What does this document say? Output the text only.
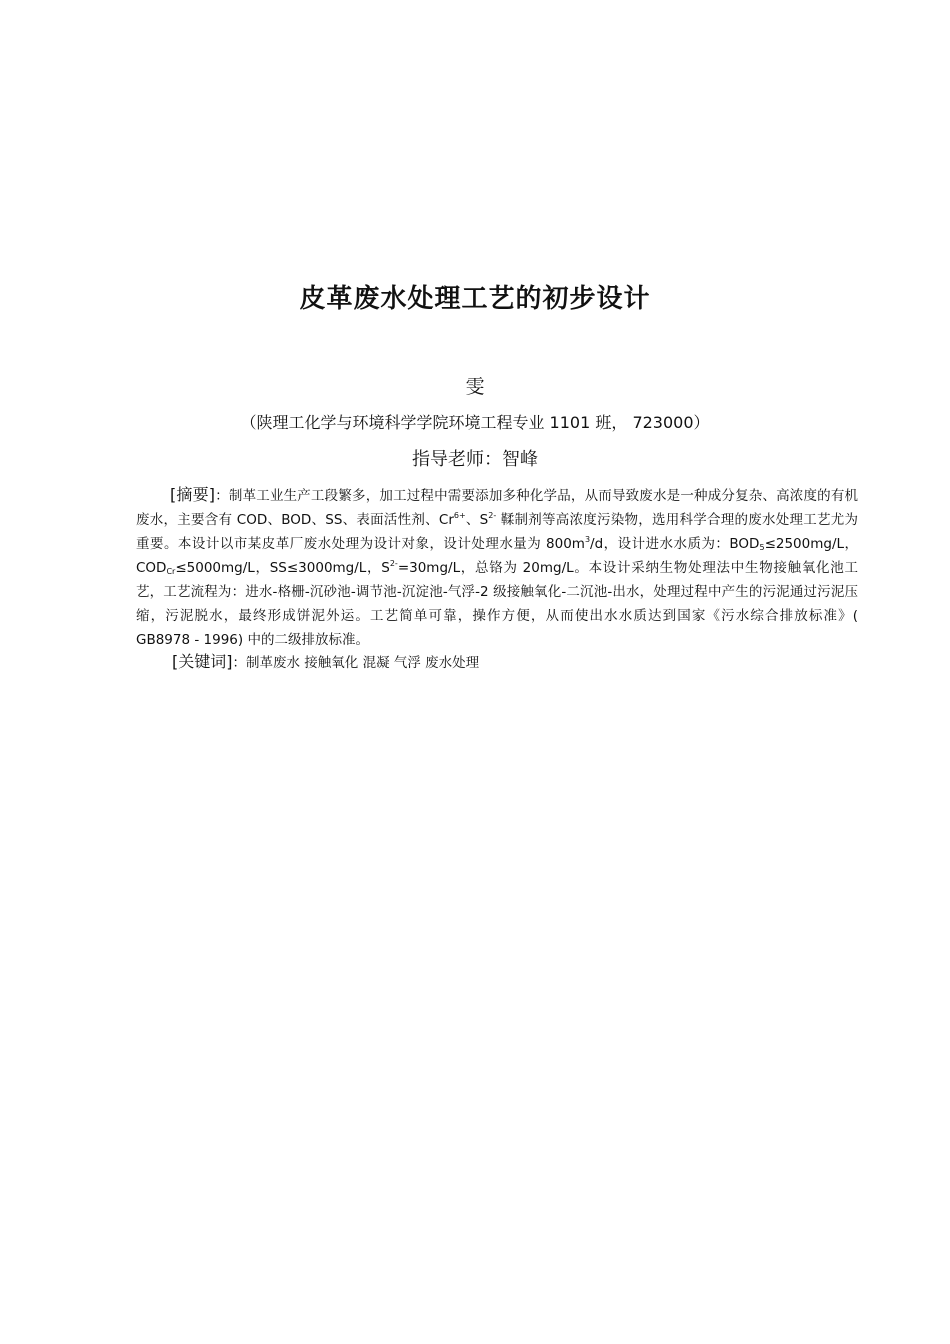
皮革废水处理工艺的初步设计
雯
（陕理工化学与环境科学学院环境工程专业 1101 班， 723000）
指导老师：智峰

[摘要]：制革工业生产工段繁多，加工过程中需要添加多种化学品，从而导致废水是一种成分复杂、高浓度的有机废水，主要含有 COD、BOD、SS、表面活性剂、$Cr^{6+}$、$S^{2-}$ 鞣制剂等高浓度污染物，选用科学合理的废水处理工艺尤为重要。本设计以市某皮革厂废水处理为设计对象，设计处理水量为 $800m^3/d$，设计进水水质为：$BOD_5\le 2500mg/L$，$COD_{Cr}\le 5000mg/L$，SS≤3000mg/L，$S^{2-}=30mg/L$，总铬为 20mg/L。本设计采纳生物处理法中生物接触氧化池工艺，工艺流程为：进水-格栅-沉砂池-调节池-沉淀池-气浮-2 级接触氧化-二沉池-出水，处理过程中产生的污泥通过污泥压缩，污泥脱水，最终形成饼泥外运。工艺简单可靠，操作方便，从而使出水水质达到国家《污水综合排放标准》( GB8978 - 1996) 中的二级排放标准。

[关键词]：制革废水 接触氧化 混凝 气浮 废水处理
